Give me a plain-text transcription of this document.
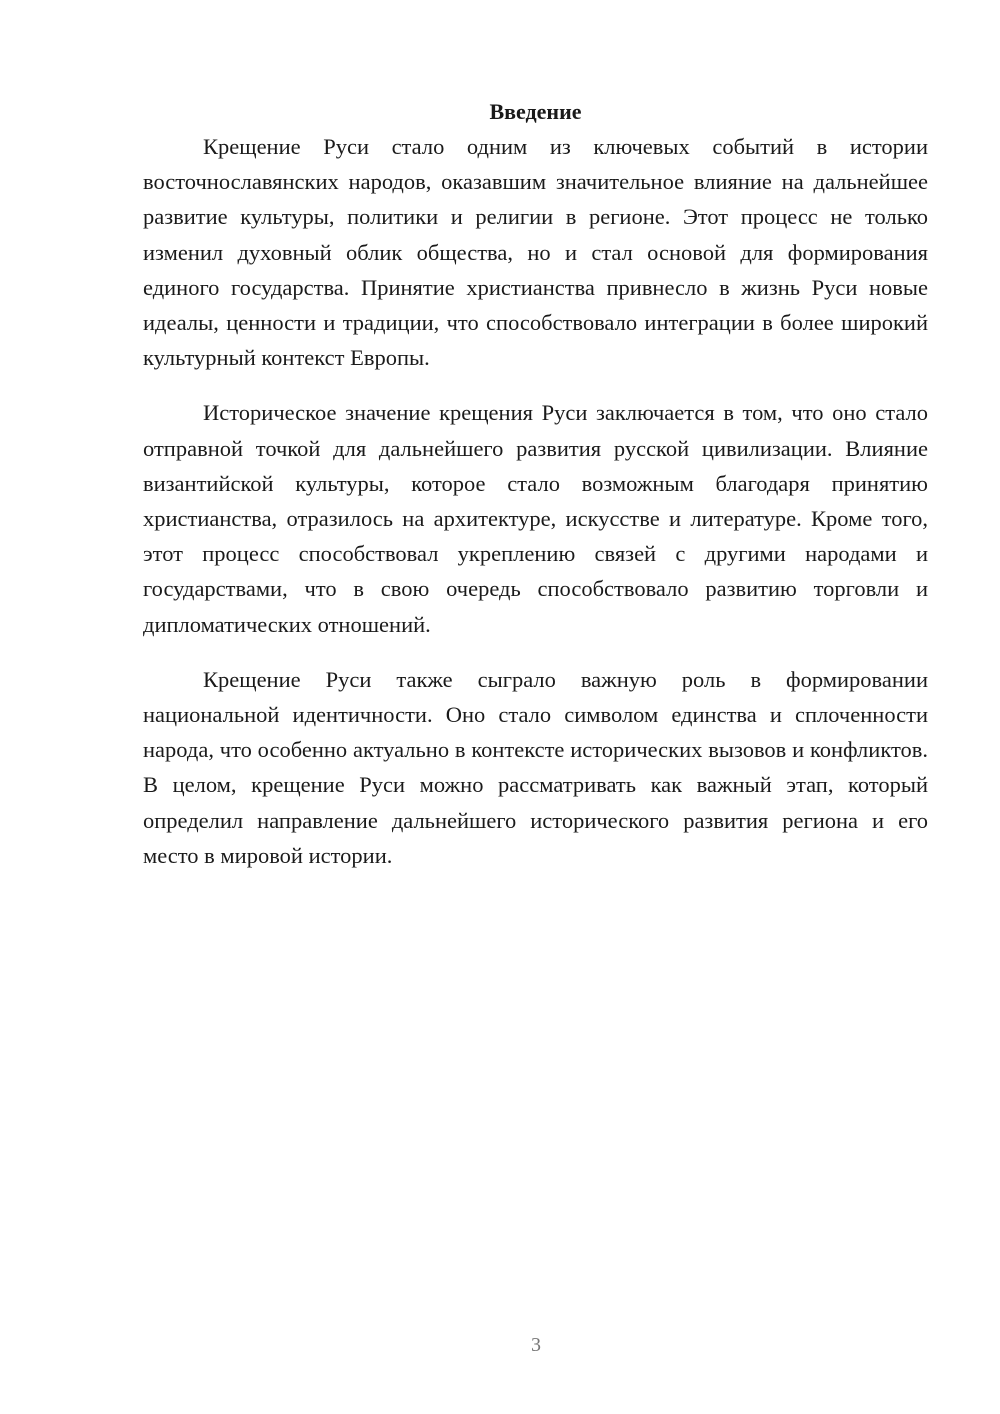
Введение

Крещение Руси стало одним из ключевых событий в истории восточнославянских народов, оказавшим значительное влияние на дальнейшее развитие культуры, политики и религии в регионе. Этот процесс не только изменил духовный облик общества, но и стал основой для формирования единого государства. Принятие христианства привнесло в жизнь Руси новые идеалы, ценности и традиции, что способствовало интеграции в более широкий культурный контекст Европы.

Историческое значение крещения Руси заключается в том, что оно стало отправной точкой для дальнейшего развития русской цивилизации. Влияние византийской культуры, которое стало возможным благодаря принятию христианства, отразилось на архитектуре, искусстве и литературе. Кроме того, этот процесс способствовал укреплению связей с другими народами и государствами, что в свою очередь способствовало развитию торговли и дипломатических отношений.

Крещение Руси также сыграло важную роль в формировании национальной идентичности. Оно стало символом единства и сплоченности народа, что особенно актуально в контексте исторических вызовов и конфликтов. В целом, крещение Руси можно рассматривать как важный этап, который определил направление дальнейшего исторического развития региона и его место в мировой истории.

3
